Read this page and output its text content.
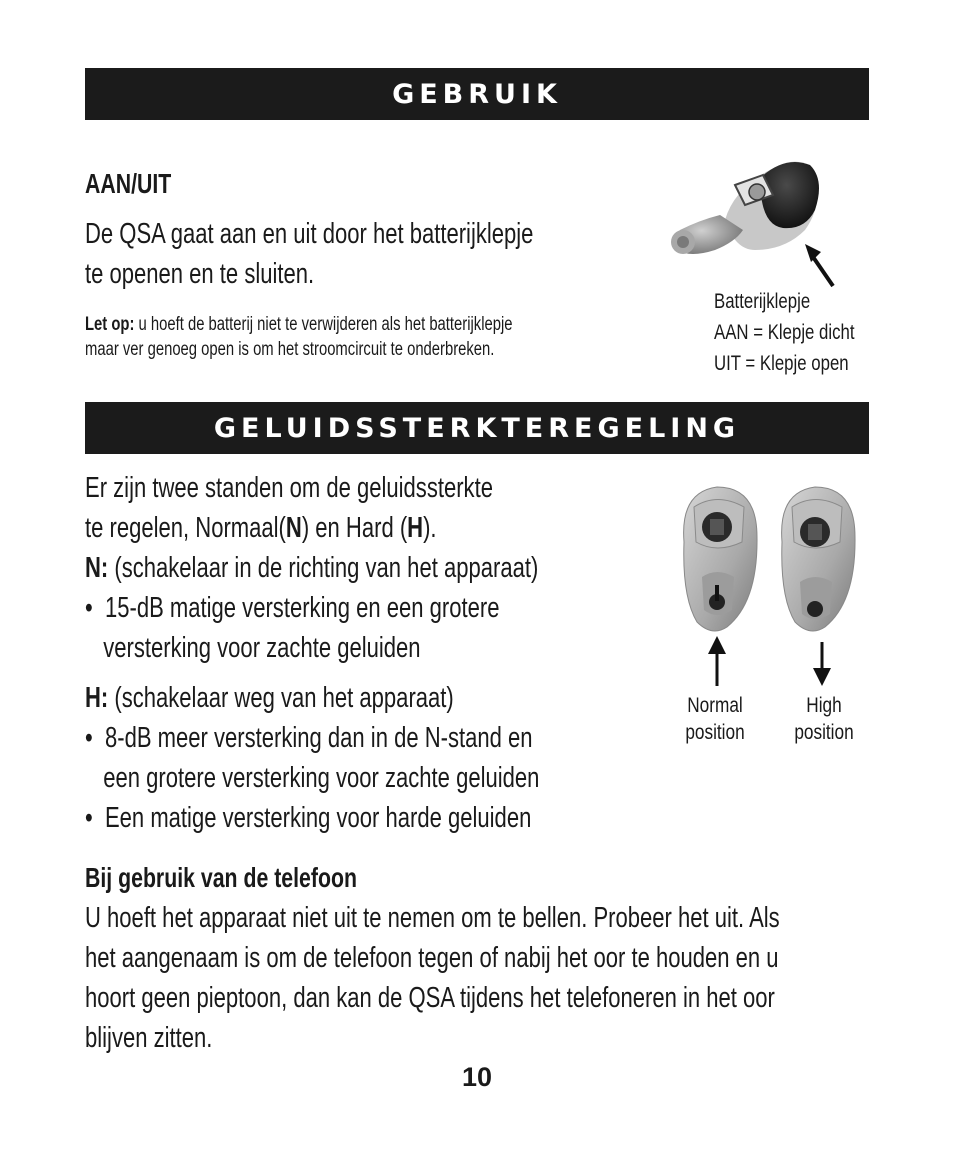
GEBRUIK
AAN/UIT
De QSA gaat aan en uit door het batterijklepje
te openen en te sluiten.
Let op: u hoeft de batterij niet te verwijderen als het batterijklepje
maar ver genoeg open is om het stroomcircuit te onderbreken.
Batterijklepje
AAN = Klepje dicht
UIT = Klepje open
GELUIDSSTERKTEREGELING
Er zijn twee standen om de geluidssterkte
te regelen, Normaal(N) en Hard (H).
N: (schakelaar in de richting van het apparaat)
• 15-dB matige versterking en een grotere
versterking voor zachte geluiden
H: (schakelaar weg van het apparaat)
• 8-dB meer versterking dan in de N-stand en
een grotere versterking voor zachte geluiden
• Een matige versterking voor harde geluiden
Normal
position
High
position
Bij gebruik van de telefoon
U hoeft het apparaat niet uit te nemen om te bellen. Probeer het uit. Als
het aangenaam is om de telefoon tegen of nabij het oor te houden en u
hoort geen pieptoon, dan kan de QSA tijdens het telefoneren in het oor
blijven zitten.
10
